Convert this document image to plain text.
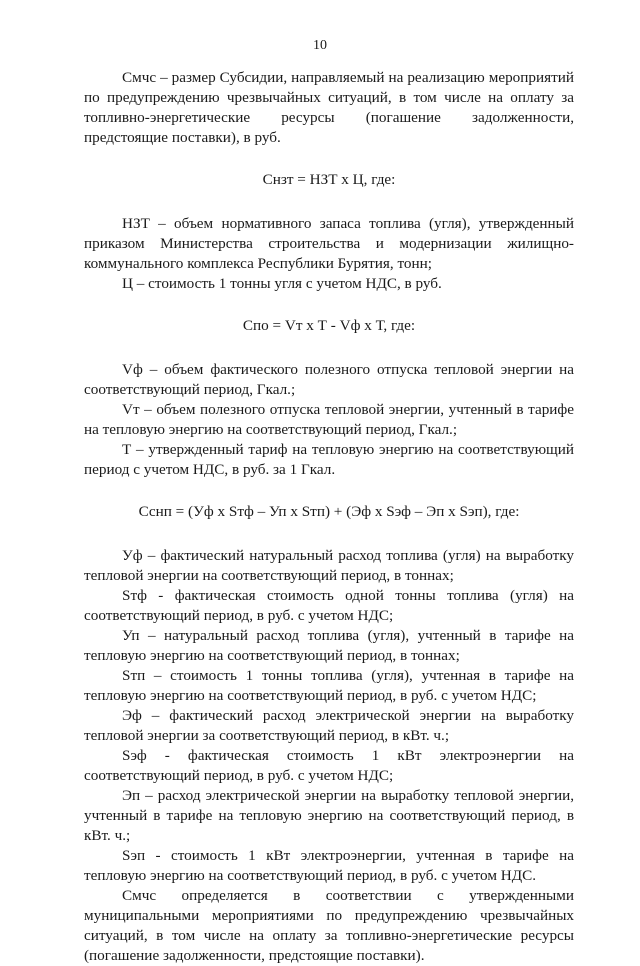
10

Смчс – размер Субсидии, направляемый на реализацию мероприятий по предупреждению чрезвычайных ситуаций, в том числе на оплату за топливно-энергетические ресурсы (погашение задолженности, предстоящие поставки), в руб.

Снзт = НЗТ х Ц, где:

НЗТ – объем нормативного запаса топлива (угля), утвержденный приказом Министерства строительства и модернизации жилищно-коммунального комплекса Республики Бурятия, тонн;

Ц – стоимость 1 тонны угля с учетом НДС, в руб.

Спо = Vт х Т - Vф х Т, где:

Vф – объем фактического полезного отпуска тепловой энергии на соответствующий период, Гкал.;

Vт – объем полезного отпуска тепловой энергии, учтенный в тарифе на тепловую энергию на соответствующий период, Гкал.;

Т – утвержденный тариф на тепловую энергию на соответствующий период с учетом НДС, в руб. за 1 Гкал.

Сснп = (Уф х Sтф – Уп х Sтп) + (Эф х Sэф – Эп х Sэп), где:

Уф – фактический натуральный расход топлива (угля) на выработку тепловой энергии на соответствующий период, в тоннах;

Sтф - фактическая стоимость одной тонны топлива (угля) на соответствующий период, в руб. с учетом НДС;

Уп – натуральный расход топлива (угля), учтенный в тарифе на тепловую энергию на соответствующий период, в тоннах;

Sтп – стоимость 1 тонны топлива (угля), учтенная в тарифе на тепловую энергию на соответствующий период, в руб. с учетом НДС;

Эф – фактический расход электрической энергии на выработку тепловой энергии за соответствующий период, в кВт. ч.;

Sэф - фактическая стоимость 1 кВт электроэнергии на соответствующий период, в руб. с учетом НДС;

Эп – расход электрической энергии на выработку тепловой энергии, учтенный в тарифе на тепловую энергию на соответствующий период, в кВт. ч.;

Sэп - стоимость 1 кВт электроэнергии, учтенная в тарифе на тепловую энергию на соответствующий период, в руб. с учетом НДС.

Смчс определяется в соответствии с утвержденными муниципальными мероприятиями по предупреждению чрезвычайных ситуаций, в том числе на оплату за топливно-энергетические ресурсы (погашение задолженности, предстоящие поставки).
